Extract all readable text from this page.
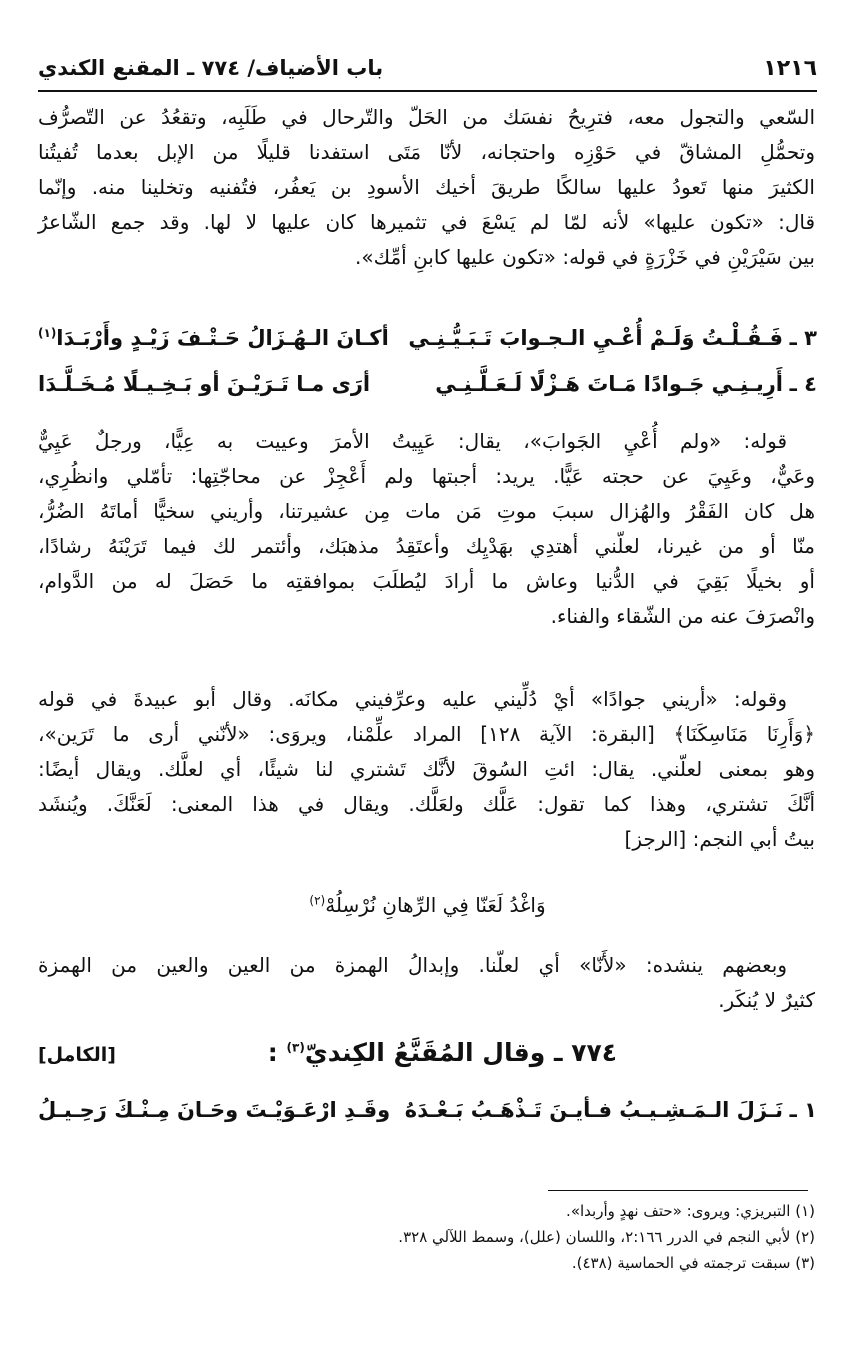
١٢١٦
باب الأضياف/ ٧٧٤ ـ المقنع الكندي
السّعي والتجول معه، فترِيحُ نفسَك من الحَلّ والتّرحال في طَلَبِه، وتقعُدُ عن التّصرُّف
وتحمُّلِ المشاقّ في حَوْزِه واحتجانه، لأنّا مَتَى استفدنا قليلًا من الإبل بعدما تُفيتُنا
الكثيرَ منها تَعودُ عليها سالكًا طريقَ أخيك الأسودِ بن يَعفُر، فتُفنيه وتخلينا منه. وإنّما
قال: «تكون عليها» لأنه لمّا لم يَسْعَ في تثميرها كان عليها لا لها. وقد جمع الشّاعرُ
بين سَيْرَيْنِ في خَزْرَةٍ في قوله: «تكون عليها كابنِ أمِّك».
٣ ـ
فَـقُـلْـتُ وَلَـمْ أُعْـيِ الـجـوابَ تَـبَـيُّـنِـي
أكـانَ الـهُـزَالُ حَـتْـفَ زَيْـدٍ وأَرْبَـدَا$^{(١)}$
٤ ـ
أَرِيـنِـي جَـوادًا مَـاتَ هَـزْلًا لَـعَـلَّـنِـي
أرَى مـا تَـرَيْـنَ أو بَـخِـيـلًا مُـخَـلَّـدَا
قوله: «ولم أُعْيِ الجَوابَ»، يقال: عَيِيتُ الأمرَ وعييت به عِيًّا، ورجلٌ عَيِيٌّ
وعَيٌّ، وعَيِيَ عن حجته عَيًّا. يريد: أجبتها ولم أَعْجِزْ عن محاجّتِها: تأمّلي وانظُرِي،
هل كان الفَقْرُ والهُزال سببَ موتِ مَن مات مِن عشيرتنا، وأريني سخيًّا أماتَهُ الضُرُّ،
منّا أو من غيرنا، لعلّني أهتدِي بهَدْيِك وأعتَقِدُ مذهبَك، وأئتمر لك فيما تَرَيْنَهُ رشادًا،
أو بخيلًا بَقِيَ في الدُّنيا وعاش ما أرادَ ليُطلَبَ بموافقتِه ما حَصَلَ له من الدَّوام،
وانْصرَفَ عنه من الشّقاء والفناء.
وقوله: «أريني جوادًا» أيْ دُلِّيني عليه وعرِّفيني مكانَه. وقال أبو عبيدةَ في قوله
﴿وَأَرِنَا مَنَاسِكَنَا﴾ [البقرة: الآية ١٢٨] المراد علِّمْنا، ويروَى: «لأنّني أرى ما تَرَين»،
وهو بمعنى لعلّني. يقال: ائتِ السُوقَ لأنَّك تَشتري لنا شيئًا، أي لعلَّك. ويقال أيضًا:
أنَّكَ تشتري، وهذا كما تقول: عَلَّك ولعَلَّك. ويقال في هذا المعنى: لَعَنَّكَ. ويُنشَد
بيتُ أبي النجم: [الرجز]
وَاغْدُ لَعَنّا فِي الرِّهانِ نُرْسِلُهْ$^{(٢)}$
وبعضهم ينشده: «لأَنّا» أي لعلّنا. وإبدالُ الهمزة من العين والعين من الهمزة
كثيرٌ لا يُنكَر.
٧٧٤ ـ وقال المُقَنَّعُ الكِنديّ$^{(٣)}$ :
[الكامل]
١ ـ
نَـزَلَ الـمَـشِـيـبُ فـأيـنَ تَـذْهَـبُ بَـعْـدَهُ
وقَـدِ ارْعَـوَيْـتَ وحَـانَ مِـنْـكَ رَحِـيـلُ
(١) التبريزي: ويروى: «حتف نهدٍ وأربدا».
(٢) لأبي النجم في الدرر ٢:١٦٦، واللسان (علل)، وسمط اللآلي ٣٢٨.
(٣) سبقت ترجمته في الحماسية (٤٣٨).
